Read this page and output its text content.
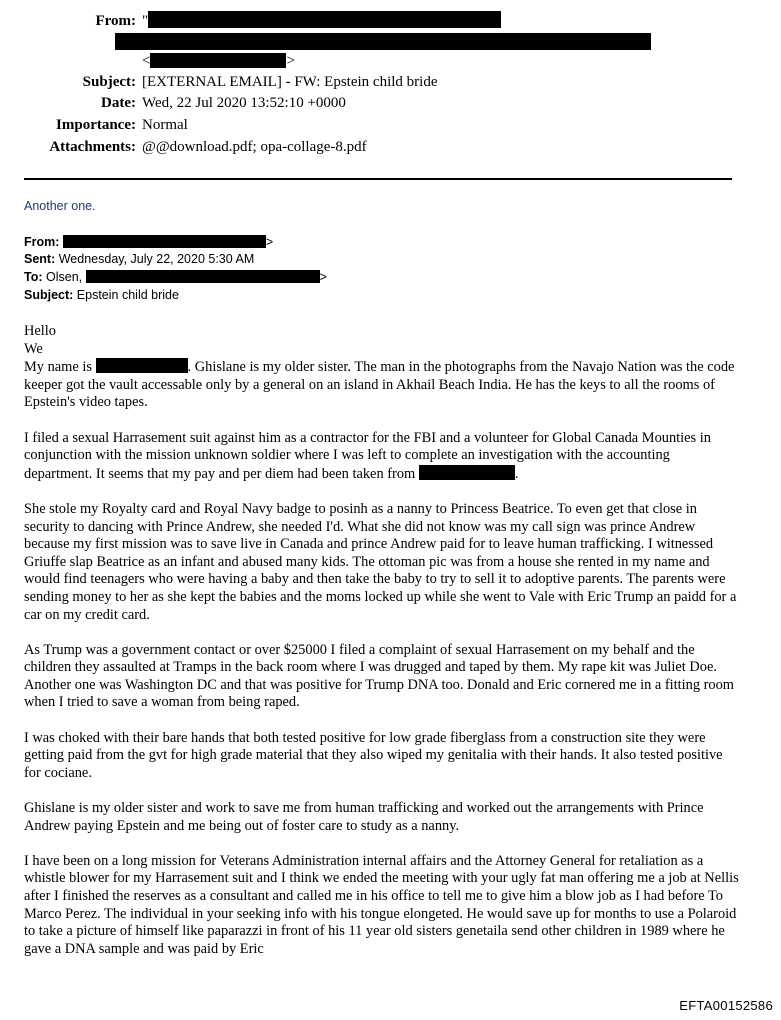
From: "
<	>
Subject: [EXTERNAL EMAIL] - FW: Epstein child bride
Date: Wed, 22 Jul 2020 13:52:10 +0000
Importance: Normal
Attachments: @@download.pdf; opa-collage-8.pdf
Another one.
From:	>
Sent: Wednesday, July 22, 2020 5:30 AM
To: Olsen,	>
Subject: Epstein child bride
Hello
We

My name is	. Ghislane is my older sister. The man in the photographs from the Navajo Nation was the code keeper got the vault accessable only by a general on an island in Akhail Beach India. He has the keys to all the rooms of Epstein's video tapes.

I filed a sexual Harrasement suit against him as a contractor for the FBI and a volunteer for Global Canada Mounties in conjunction with the mission unknown soldier where I was left to complete an investigation with the accounting department. It seems that my pay and per diem had been taken from	.

She stole my Royalty card and Royal Navy badge to posinh as a nanny to Princess Beatrice. To even get that close in security to dancing with Prince Andrew, she needed I'd. What she did not know was my call sign was prince Andrew because my first mission was to save live in Canada and prince Andrew paid for to leave human trafficking. I witnessed Griuffe slap Beatrice as an infant and abused many kids. The ottoman pic was from a house she rented in my name and would find teenagers who were having a baby and then take the baby to try to sell it to adoptive parents. The parents were sending money to her as she kept the babies and the moms locked up while she went to Vale with Eric Trump an paidd for a car on my credit card.

As Trump was a government contact or over $25000 I filed a complaint of sexual Harrasement on my behalf and the children they assaulted at Tramps in the back room where I was drugged and taped by them. My rape kit was Juliet Doe. Another one was Washington DC and that was positive for Trump DNA too. Donald and Eric cornered me in a fitting room when I tried to save a woman from being raped.

I was choked with their bare hands that both tested positive for low grade fiberglass from a construction site they were getting paid from the gvt for high grade material that they also wiped my genitalia with their hands. It also tested positive for cociane.

Ghislane is my older sister and work to save me from human trafficking and worked out the arrangements with Prince Andrew paying Epstein and me being out of foster care to study as a nanny.

I have been on a long mission for Veterans Administration internal affairs and the Attorney General for retaliation as a whistle blower for my Harrasement suit and I think we ended the meeting with your ugly fat man offering me a job at Nellis after I finished the reserves as a consultant and called me in his office to tell me to give him a blow job as I had before To Marco Perez. The individual in your seeking info with his tongue elongeted. He would save up for months to use a Polaroid to take a picture of himself like paparazzi in front of his 11 year old sisters genetaila send other children in 1989 where he gave a DNA sample and was paid by Eric

EFTA00152586
